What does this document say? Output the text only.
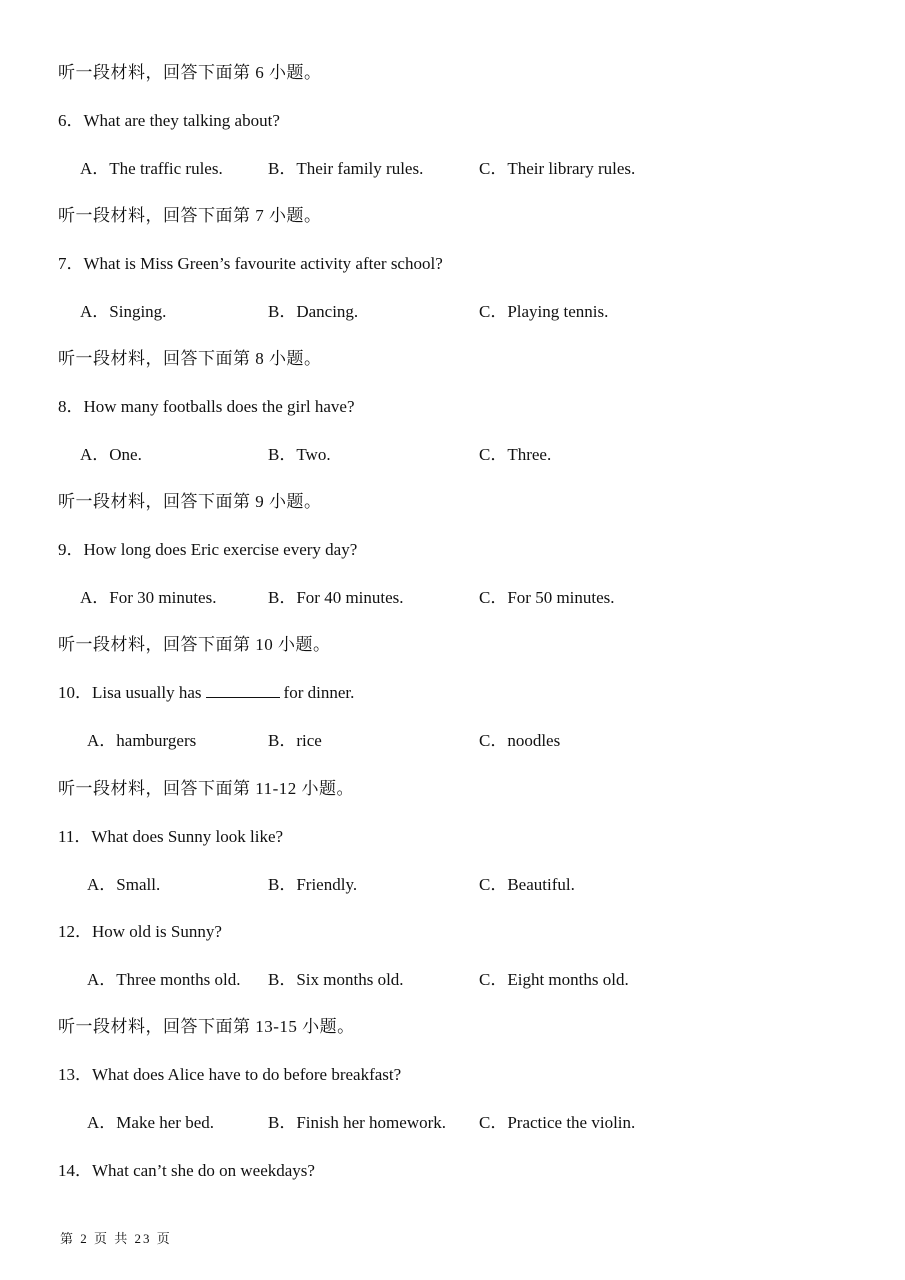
听一段材料，回答下面第 6 小题。
6．What are they talking about?
A．The traffic rules.	B．Their family rules.	C．Their library rules.
听一段材料，回答下面第 7 小题。
7．What is Miss Green’s favourite activity after school?
A．Singing.	B．Dancing.	C．Playing tennis.
听一段材料，回答下面第 8 小题。
8．How many footballs does the girl have?
A．One.	B．Two.	C．Three.
听一段材料，回答下面第 9 小题。
9．How long does Eric exercise every day?
A．For 30 minutes.	B．For 40 minutes.	C．For 50 minutes.
听一段材料，回答下面第 10 小题。
10．Lisa usually has	for dinner.
A．hamburgers	B．rice	C．noodles
听一段材料，回答下面第 11-12 小题。
11．What does Sunny look like?
A．Small.	B．Friendly.	C．Beautiful.
12．How old is Sunny?
A．Three months old. B．Six months old.	C．Eight months old.
听一段材料，回答下面第 13-15 小题。
13．What does Alice have to do before breakfast?
A．Make her bed.	B．Finish her homework. C．Practice the violin.
14．What can’t she do on weekdays?
第 2 页 共 23 页
